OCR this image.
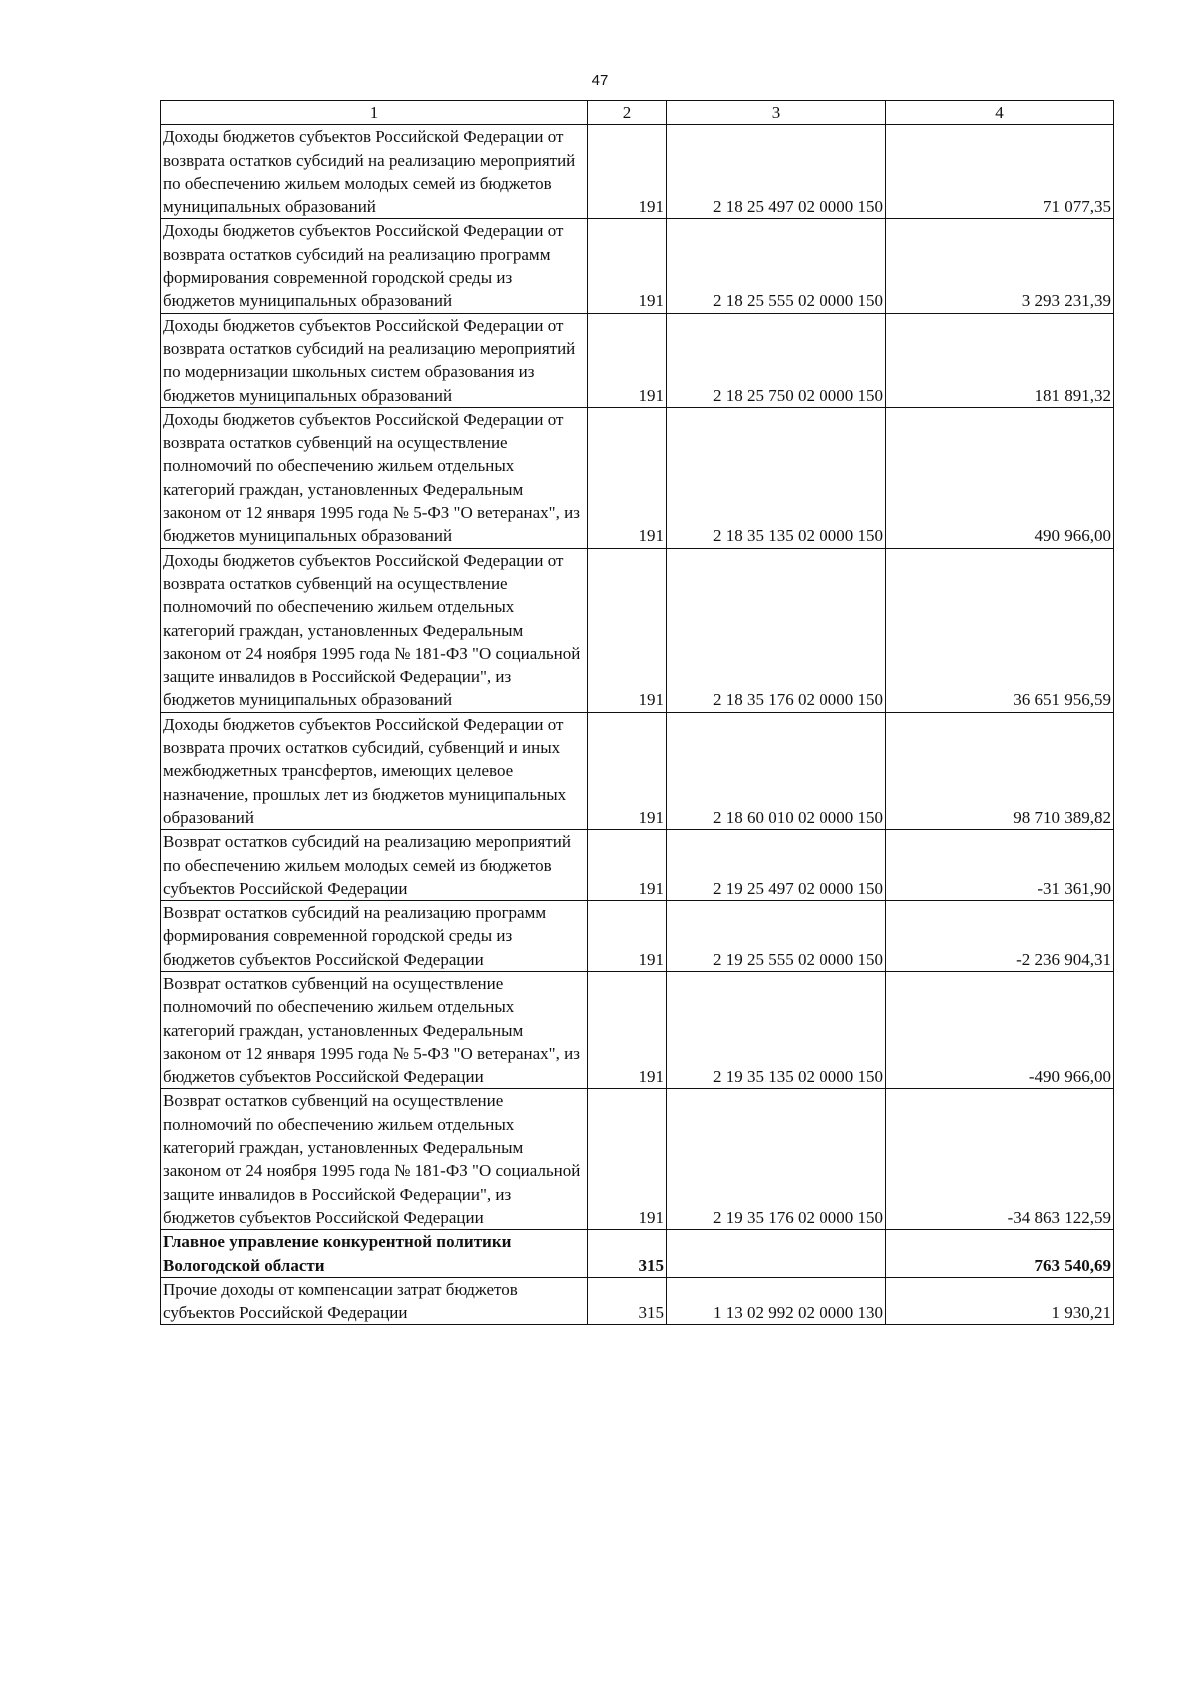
47
1	2	3	4
Доходы бюджетов субъектов Российской Федерации от возврата остатков субсидий на реализацию мероприятий по обеспечению жильем молодых семей из бюджетов муниципальных образований	191	2 18 25 497 02 0000 150	71 077,35
Доходы бюджетов субъектов Российской Федерации от возврата остатков субсидий на реализацию программ формирования современной городской среды из бюджетов муниципальных образований	191	2 18 25 555 02 0000 150	3 293 231,39
Доходы бюджетов субъектов Российской Федерации от возврата остатков субсидий на реализацию мероприятий по модернизации школьных систем образования из бюджетов муниципальных образований	191	2 18 25 750 02 0000 150	181 891,32
Доходы бюджетов субъектов Российской Федерации от возврата остатков субвенций на осуществление полномочий по обеспечению жильем отдельных категорий граждан, установленных Федеральным законом от 12 января 1995 года № 5-ФЗ "О ветеранах", из бюджетов муниципальных образований	191	2 18 35 135 02 0000 150	490 966,00
Доходы бюджетов субъектов Российской Федерации от возврата остатков субвенций на осуществление полномочий по обеспечению жильем отдельных категорий граждан, установленных Федеральным законом от 24 ноября 1995 года № 181-ФЗ "О социальной защите инвалидов в Российской Федерации", из бюджетов муниципальных образований	191	2 18 35 176 02 0000 150	36 651 956,59
Доходы бюджетов субъектов Российской Федерации от возврата прочих остатков субсидий, субвенций и иных межбюджетных трансфертов, имеющих целевое назначение, прошлых лет из бюджетов муниципальных образований	191	2 18 60 010 02 0000 150	98 710 389,82
Возврат остатков субсидий на реализацию мероприятий по обеспечению жильем молодых семей из бюджетов субъектов Российской Федерации	191	2 19 25 497 02 0000 150	-31 361,90
Возврат остатков субсидий на реализацию программ формирования современной городской среды из бюджетов субъектов Российской Федерации	191	2 19 25 555 02 0000 150	-2 236 904,31
Возврат остатков субвенций на осуществление полномочий по обеспечению жильем отдельных категорий граждан, установленных Федеральным законом от 12 января 1995 года № 5-ФЗ "О ветеранах", из бюджетов субъектов Российской Федерации	191	2 19 35 135 02 0000 150	-490 966,00
Возврат остатков субвенций на осуществление полномочий по обеспечению жильем отдельных категорий граждан, установленных Федеральным законом от 24 ноября 1995 года № 181-ФЗ "О социальной защите инвалидов в Российской Федерации", из бюджетов субъектов Российской Федерации	191	2 19 35 176 02 0000 150	-34 863 122,59
Главное управление конкурентной политики Вологодской области	315		763 540,69
Прочие доходы от компенсации затрат бюджетов субъектов Российской Федерации	315	1 13 02 992 02 0000 130	1 930,21
